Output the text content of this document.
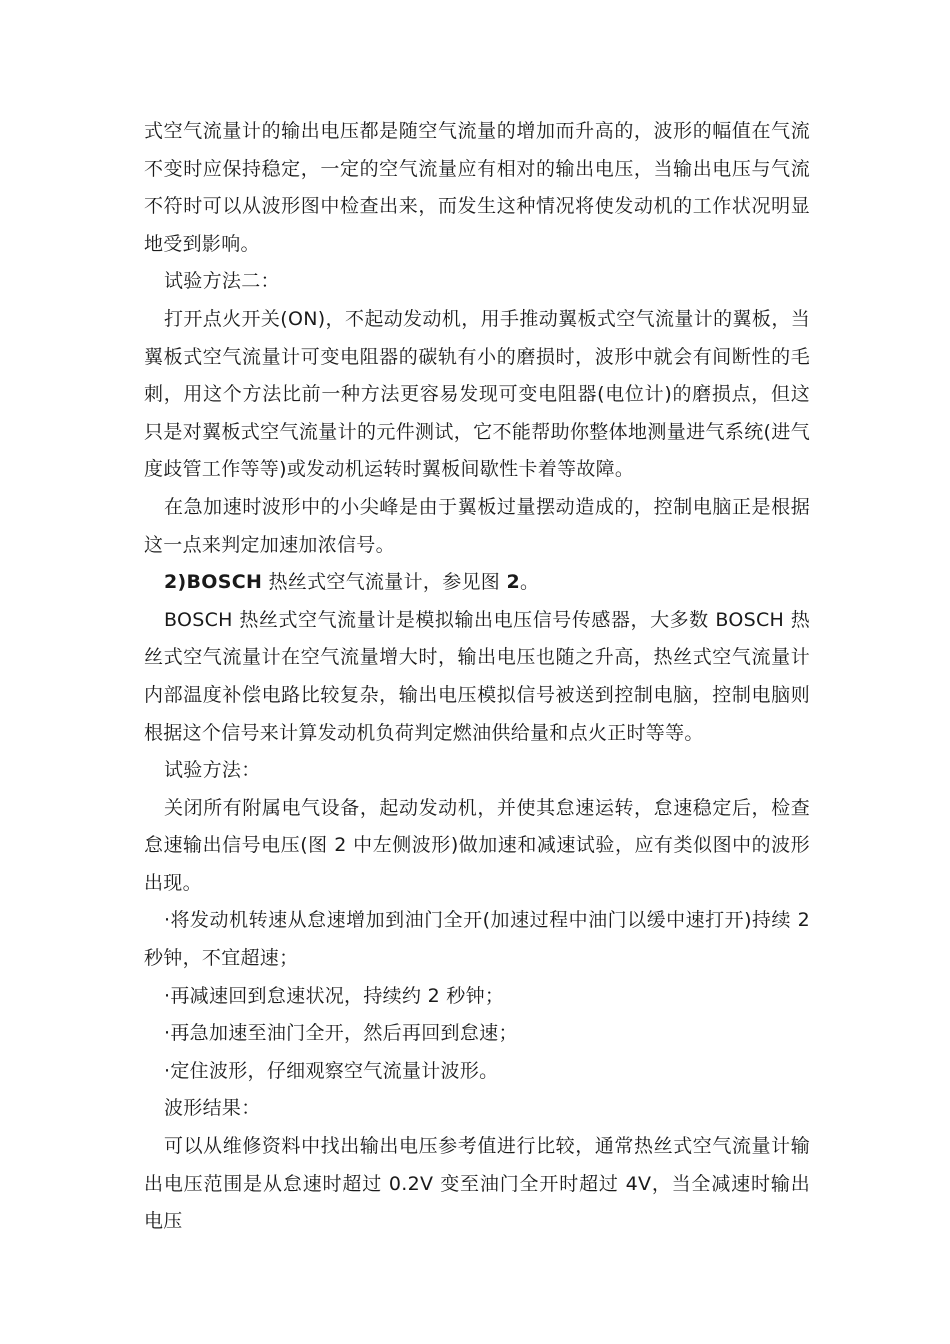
式空气流量计的输出电压都是随空气流量的增加而升高的，波形的幅值在气流不变时应保持稳定，一定的空气流量应有相对的输出电压，当输出电压与气流不符时可以从波形图中检查出来，而发生这种情况将使发动机的工作状况明显地受到影响。

试验方法二：

打开点火开关(ON)，不起动发动机，用手推动翼板式空气流量计的翼板，当翼板式空气流量计可变电阻器的碳轨有小的磨损时，波形中就会有间断性的毛刺，用这个方法比前一种方法更容易发现可变电阻器(电位计)的磨损点，但这只是对翼板式空气流量计的元件测试，它不能帮助你整体地测量进气系统(进气度歧管工作等等)或发动机运转时翼板间歇性卡着等故障。

在急加速时波形中的小尖峰是由于翼板过量摆动造成的，控制电脑正是根据这一点来判定加速加浓信号。

2)BOSCH 热丝式空气流量计，参见图 2。

BOSCH 热丝式空气流量计是模拟输出电压信号传感器，大多数 BOSCH 热丝式空气流量计在空气流量增大时，输出电压也随之升高，热丝式空气流量计内部温度补偿电路比较复杂，输出电压模拟信号被送到控制电脑，控制电脑则根据这个信号来计算发动机负荷判定燃油供给量和点火正时等等。

试验方法：

关闭所有附属电气设备，起动发动机，并使其怠速运转，怠速稳定后，检查怠速输出信号电压(图 2 中左侧波形)做加速和减速试验，应有类似图中的波形出现。

·将发动机转速从怠速增加到油门全开(加速过程中油门以缓中速打开)持续 2 秒钟，不宜超速；

·再减速回到怠速状况，持续约 2 秒钟；

·再急加速至油门全开，然后再回到怠速；

·定住波形，仔细观察空气流量计波形。

波形结果：

可以从维修资料中找出输出电压参考值进行比较，通常热丝式空气流量计输出电压范围是从怠速时超过 0.2V 变至油门全开时超过 4V，当全减速时输出电压
